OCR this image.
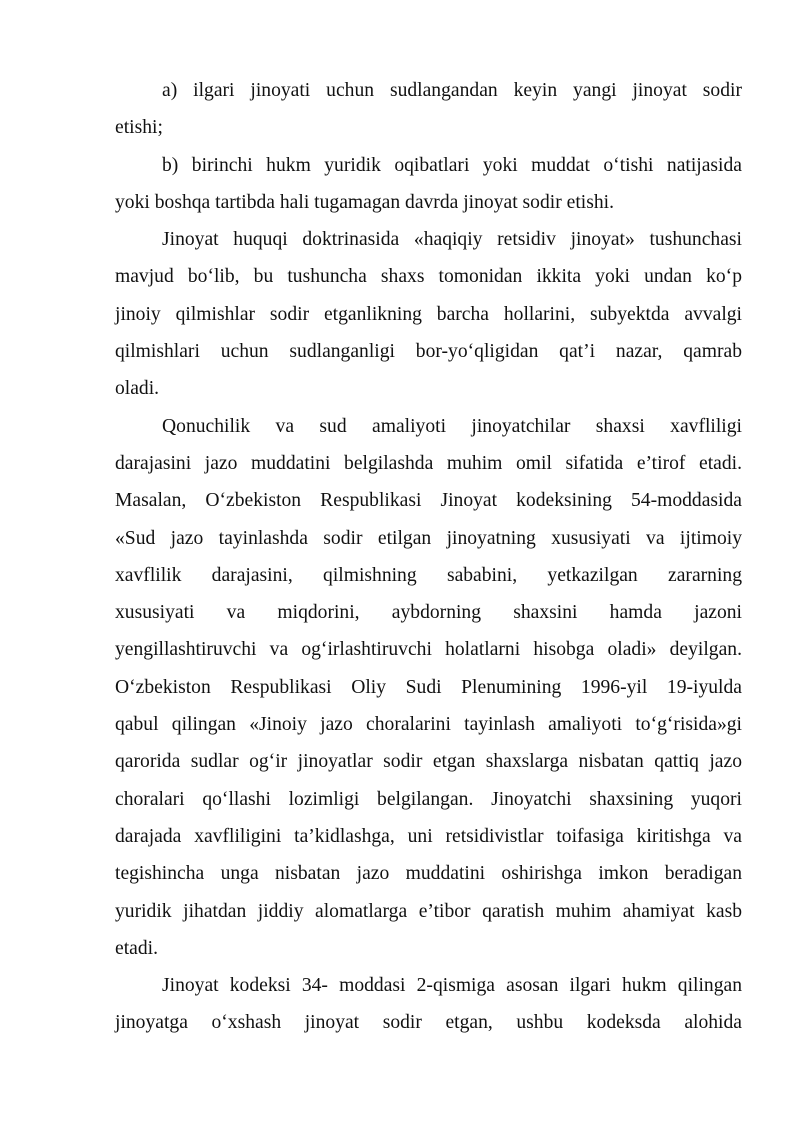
a) ilgari jinoyati uchun sudlangandan keyin yangi jinoyat sodir
etishi;
b) birinchi hukm yuridik oqibatlari yoki muddat o‘tishi natijasida
yoki boshqa tartibda hali tugamagan davrda jinoyat sodir etishi.
Jinoyat huquqi doktrinasida «haqiqiy retsidiv jinoyat» tushunchasi
mavjud bo‘lib, bu tushuncha shaxs tomonidan ikkita yoki undan ko‘p
jinoiy qilmishlar sodir etganlikning barcha hollarini, subyektda avvalgi
qilmishlari uchun sudlanganligi bor-yo‘qligidan qat’i nazar, qamrab
oladi.
Qonuchilik va sud amaliyoti jinoyatchilar shaxsi xavfliligi
darajasini jazo muddatini belgilashda muhim omil sifatida e’tirof etadi.
Masalan, O‘zbekiston Respublikasi Jinoyat kodeksining 54-moddasida
«Sud jazo tayinlashda sodir etilgan jinoyatning xususiyati va ijtimoiy
xavflilik darajasini, qilmishning sababini, yetkazilgan zararning
xususiyati va miqdorini, aybdorning shaxsini hamda jazoni
yengillashtiruvchi va og‘irlashtiruvchi holatlarni hisobga oladi» deyilgan.
O‘zbekiston Respublikasi Oliy Sudi Plenumining 1996-yil 19-iyulda
qabul qilingan «Jinoiy jazo choralarini tayinlash amaliyoti to‘g‘risida»gi
qarorida sudlar og‘ir jinoyatlar sodir etgan shaxslarga nisbatan qattiq jazo
choralari qo‘llashi lozimligi belgilangan. Jinoyatchi shaxsining yuqori
darajada xavfliligini ta’kidlashga, uni retsidivistlar toifasiga kiritishga va
tegishincha unga nisbatan jazo muddatini oshirishga imkon beradigan
yuridik jihatdan jiddiy alomatlarga e’tibor qaratish muhim ahamiyat kasb
etadi.
Jinoyat kodeksi 34- moddasi 2-qismiga asosan ilgari hukm qilingan
jinoyatga o‘xshash jinoyat sodir etgan, ushbu kodeksda alohida
